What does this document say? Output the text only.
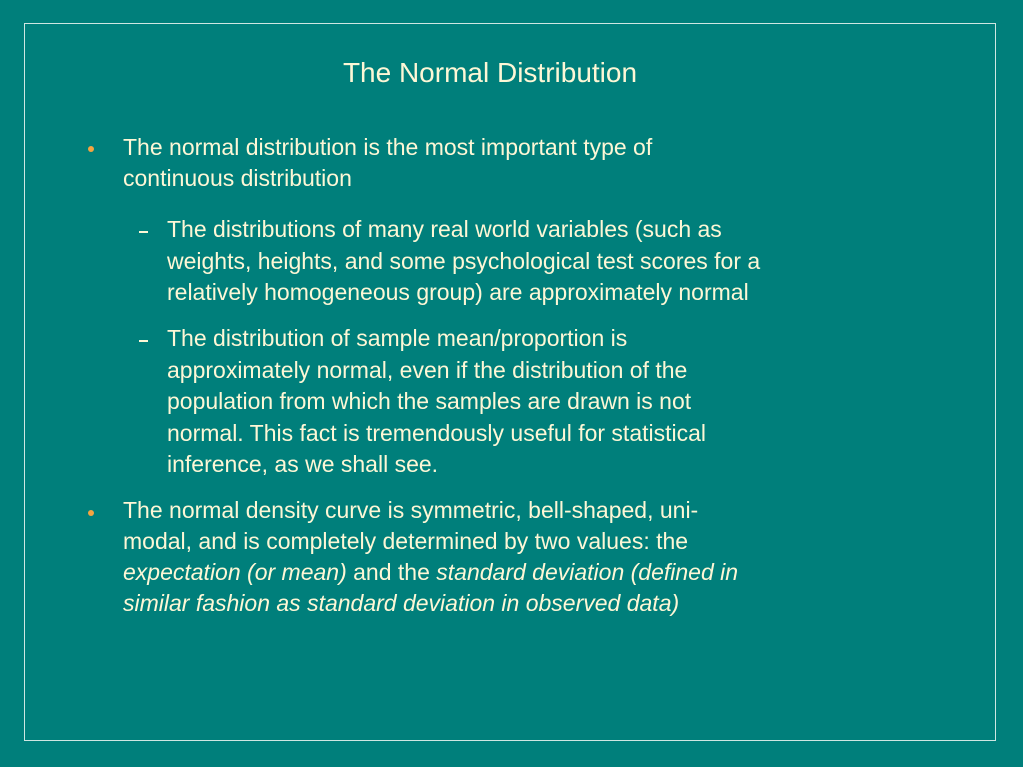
The Normal Distribution
The normal distribution is the most important type of
continuous distribution
The distributions of many real world variables (such as
weights, heights, and some psychological test scores for a
relatively homogeneous group) are approximately normal
The distribution of sample mean/proportion is
approximately normal, even if the distribution of the
population from which the samples are drawn is not
normal. This fact is tremendously useful for statistical
inference, as we shall see.
The normal density curve is symmetric, bell-shaped, uni-
modal, and is completely determined by two values: the
expectation (or mean) and the standard deviation (defined in
similar fashion as standard deviation in observed data)
